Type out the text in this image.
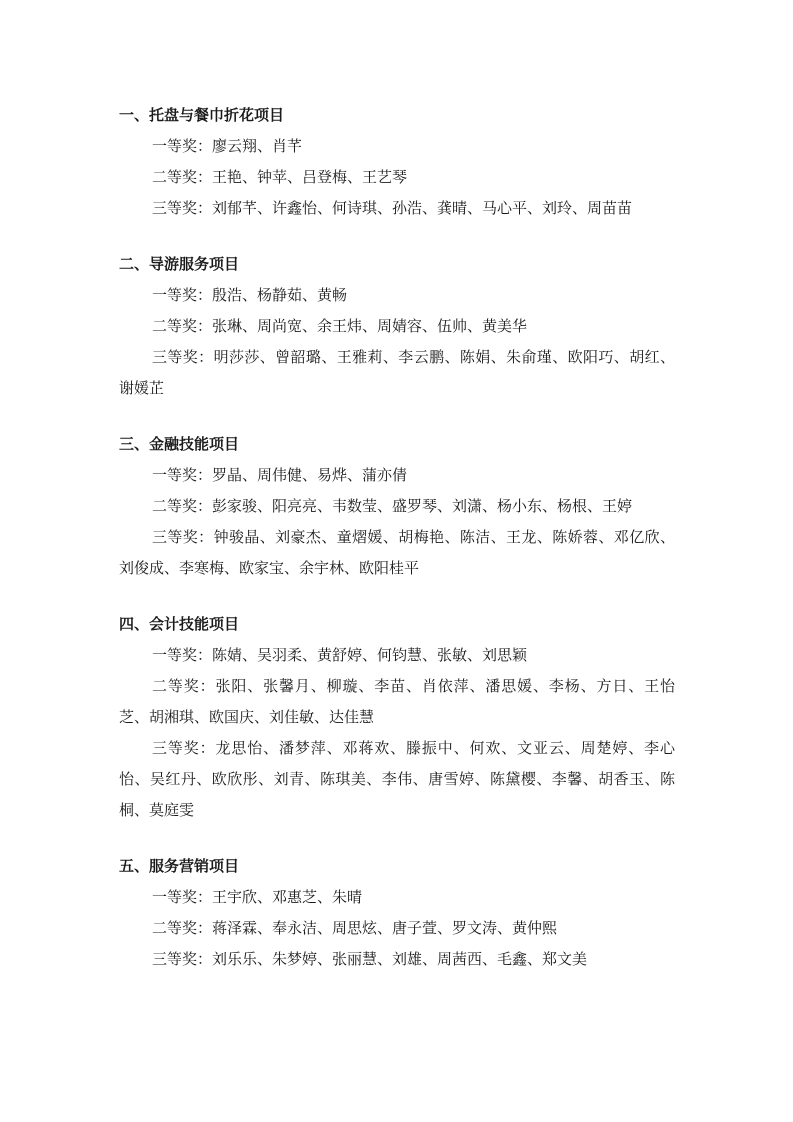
一、托盘与餐巾折花项目

一等奖：廖云翔、肖芊

二等奖：王艳、钟苹、吕登梅、王艺琴

三等奖：刘郁芊、许鑫怡、何诗琪、孙浩、龚晴、马心平、刘玲、周苗苗

二、导游服务项目

一等奖：殷浩、杨静茹、黄畅

二等奖：张琳、周尚宽、余王炜、周婧容、伍帅、黄美华

三等奖：明莎莎、曾韶璐、王雅莉、李云鹏、陈娟、朱俞瑾、欧阳巧、胡红、谢媛芷

三、金融技能项目

一等奖：罗晶、周伟健、易烨、蒲亦倩

二等奖：彭家骏、阳亮亮、韦数莹、盛罗琴、刘潇、杨小东、杨根、王婷

三等奖：钟骏晶、刘豪杰、童熠媛、胡梅艳、陈洁、王龙、陈娇蓉、邓亿欣、刘俊成、李寒梅、欧家宝、余宇林、欧阳桂平

四、会计技能项目

一等奖：陈婧、吴羽柔、黄舒婷、何钧慧、张敏、刘思颖

二等奖：张阳、张馨月、柳璇、李苗、肖依萍、潘思媛、李杨、方日、王怡芝、胡湘琪、欧国庆、刘佳敏、达佳慧

三等奖：龙思怡、潘梦萍、邓蒋欢、滕振中、何欢、文亚云、周楚婷、李心怡、吴红丹、欧欣彤、刘青、陈琪美、李伟、唐雪婷、陈黛樱、李馨、胡香玉、陈桐、莫庭雯

五、服务营销项目

一等奖：王宇欣、邓惠芝、朱晴

二等奖：蒋泽霖、奉永洁、周思炫、唐子萱、罗文涛、黄仲熙

三等奖：刘乐乐、朱梦婷、张丽慧、刘雄、周茜西、毛鑫、郑文美
